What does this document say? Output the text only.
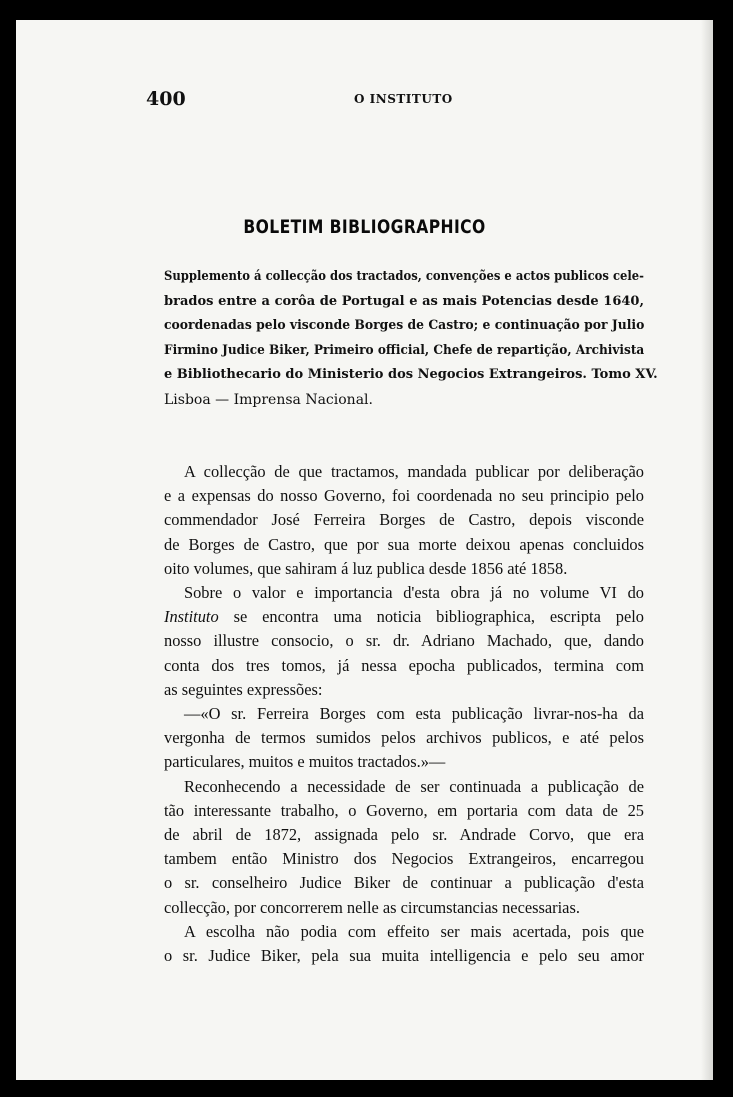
400	O INSTITUTO
BOLETIM BIBLIOGRAPHICO
Supplemento á collecção dos tractados, convenções e actos publicos cele-
brados entre a corôa de Portugal e as mais Potencias desde 1640,
coordenadas pelo visconde Borges de Castro; e continuação por Julio
Firmino Judice Biker, Primeiro official, Chefe de repartição, Archivista
e Bibliothecario do Ministerio dos Negocios Extrangeiros. Tomo XV.
Lisboa — Imprensa Nacional.
A collecção de que tractamos, mandada publicar por deliberação
e a expensas do nosso Governo, foi coordenada no seu principio pelo
commendador José Ferreira Borges de Castro, depois visconde
de Borges de Castro, que por sua morte deixou apenas concluidos
oito volumes, que sahiram á luz publica desde 1856 até 1858.
Sobre o valor e importancia d'esta obra já no volume VI do
Instituto se encontra uma noticia bibliographica, escripta pelo
nosso illustre consocio, o sr. dr. Adriano Machado, que, dando
conta dos tres tomos, já nessa epocha publicados, termina com
as seguintes expressões:
—«O sr. Ferreira Borges com esta publicação livrar-nos-ha da
vergonha de termos sumidos pelos archivos publicos, e até pelos
particulares, muitos e muitos tractados.»—
Reconhecendo a necessidade de ser continuada a publicação de
tão interessante trabalho, o Governo, em portaria com data de 25
de abril de 1872, assignada pelo sr. Andrade Corvo, que era
tambem então Ministro dos Negocios Extrangeiros, encarregou
o sr. conselheiro Judice Biker de continuar a publicação d'esta
collecção, por concorrerem nelle as circumstancias necessarias.
A escolha não podia com effeito ser mais acertada, pois que
o sr. Judice Biker, pela sua muita intelligencia e pelo seu amor
